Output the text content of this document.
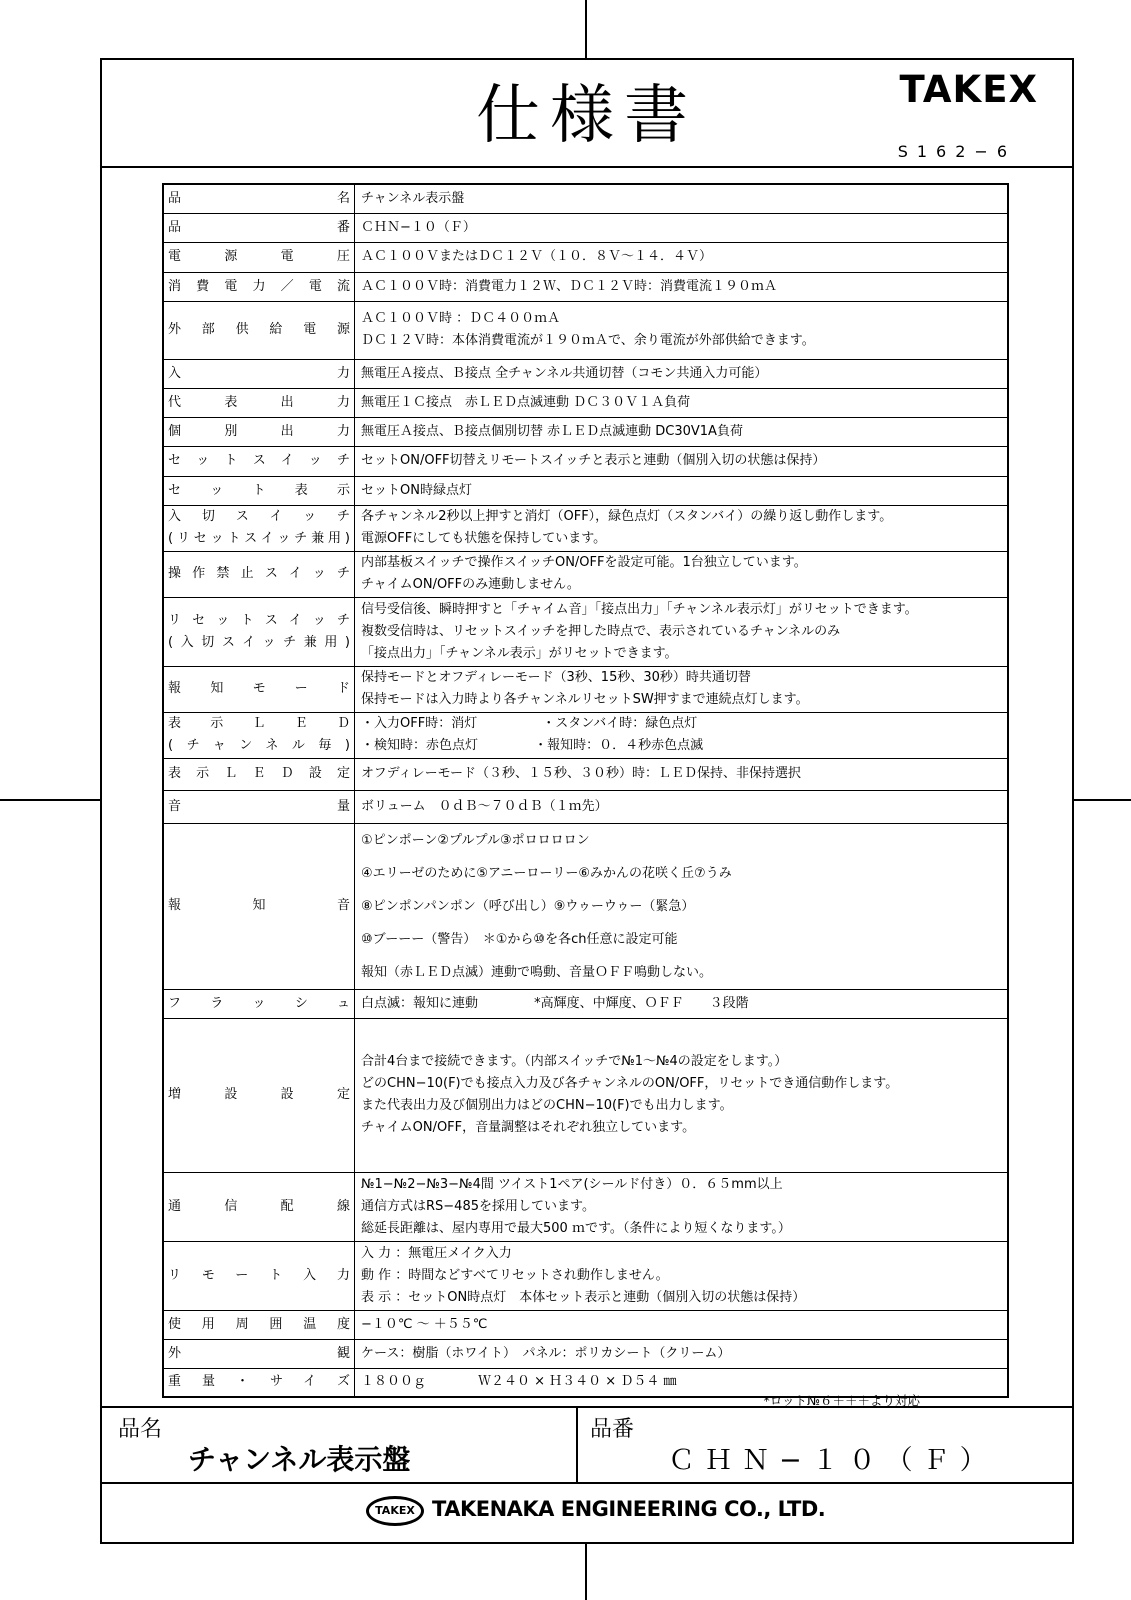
仕様書	TAKEX
S162−6
品　　名	チャンネル表示盤

品　　番	ＣＨＮ−１０（Ｆ）

電源電圧	ＡＣ１００ＶまたはＤＣ１２Ｖ（１０．８Ｖ〜１４．４Ｖ）

消費電力／電流	ＡＣ１００Ｖ時：消費電力１２Ｗ、ＤＣ１２Ｖ時：消費電流１９０ｍＡ

外部供給電源	ＡＣ１００Ｖ時 ：ＤＣ４００ｍＡ
ＤＣ１２Ｖ時：本体消費電流が１９０ｍＡで、余り電流が外部供給できます。

入　　力	無電圧Ａ接点、Ｂ接点 全チャンネル共通切替（コモン共通入力可能）

代表出力	無電圧１Ｃ接点　赤ＬＥＤ点滅連動 ＤＣ３０Ｖ１Ａ負荷

個別出力	無電圧Ａ接点、Ｂ接点個別切替 赤ＬＥＤ点滅連動 DC30V1A負荷

セットスイッチ	セットON/OFF切替えリモートスイッチと表示と連動（個別入切の状態は保持）

セット表示	セットON時緑点灯

入切スイッチ
(リセットスイッチ兼用)	各チャンネル2秒以上押すと消灯（OFF），緑色点灯（スタンバイ）の繰り返し動作します。
電源OFFにしても状態を保持しています。

操作禁止スイッチ	内部基板スイッチで操作スイッチON/OFFを設定可能。1台独立しています。
チャイムON/OFFのみ連動しません。

リセットスイッチ
(入切スイッチ兼用)	信号受信後、瞬時押すと「チャイム音」「接点出力」「チャンネル表示灯」がリセットできます。
複数受信時は、リセットスイッチを押した時点で、表示されているチャンネルのみ
「接点出力」「チャンネル表示」がリセットできます。

報知モード	保持モードとオフディレーモード（3秒、15秒、30秒）時共通切替
保持モードは入力時より各チャンネルリセットSW押すまで連続点灯します。

表示ＬＥＤ
(チャンネル毎)	・入力OFF時：消灯　　　　　・スタンバイ時：緑色点灯
・検知時：赤色点灯　　　　 ・報知時：０．４秒赤色点滅

表示ＬＥＤ設定	オフディレーモード（３秒、１５秒、３０秒）時：ＬＥＤ保持、非保持選択

音　　量	ボリューム　０ｄＢ〜７０ｄＢ（１ｍ先）

報知音	①ピンポーン②プルプル③ポロロロロン
④エリーゼのために⑤アニーローリー⑥みかんの花咲く丘⑦うみ
⑧ピンポンパンポン（呼び出し）⑨ウゥーウゥー（緊急）
⑩ブーーー（警告）　＊①から⑩を各ch任意に設定可能
報知（赤ＬＥＤ点滅）連動で鳴動、音量ＯＦＦ鳴動しない。

フラッシュ	白点滅：報知に連動　　　　 *高輝度、中輝度、ＯＦＦ　　３段階

増設設定	合計4台まで接続できます。（内部スイッチで№1〜№4の設定をします。）
どのCHN−10(F)でも接点入力及び各チャンネルのON/OFF，リセットでき通信動作します。
また代表出力及び個別出力はどのCHN−10(F)でも出力します。
チャイムON/OFF，音量調整はそれぞれ独立しています。

通信配線	№1−№2−№3−№4間 ツイスト1ペア(シールド付き）０．６５mm以上
通信方式はRS−485を採用しています。
総延長距離は、屋内専用で最大500 ｍです。（条件により短くなります。）

リモート入力	入 力 ：無電圧メイク入力
動 作 ：時間などすべてリセットされ動作しません。
表 示 ：セットON時点灯　本体セット表示と連動（個別入切の状態は保持）

使用周囲温度	−１０℃ 〜 ＋５５℃

外　　観	ケース：樹脂（ホワイト）　パネル：ポリカシート（クリーム）

重量・サイズ	１８００ｇ　　　　Ｗ２４０ × Ｈ３４０ × Ｄ５４ ㎜
*ロット№６＋＋＋より対応
品名
チャンネル表示盤
品番
ＣＨＮ−１０（Ｆ）
TAKEX TAKENAKA ENGINEERING CO., LTD.
